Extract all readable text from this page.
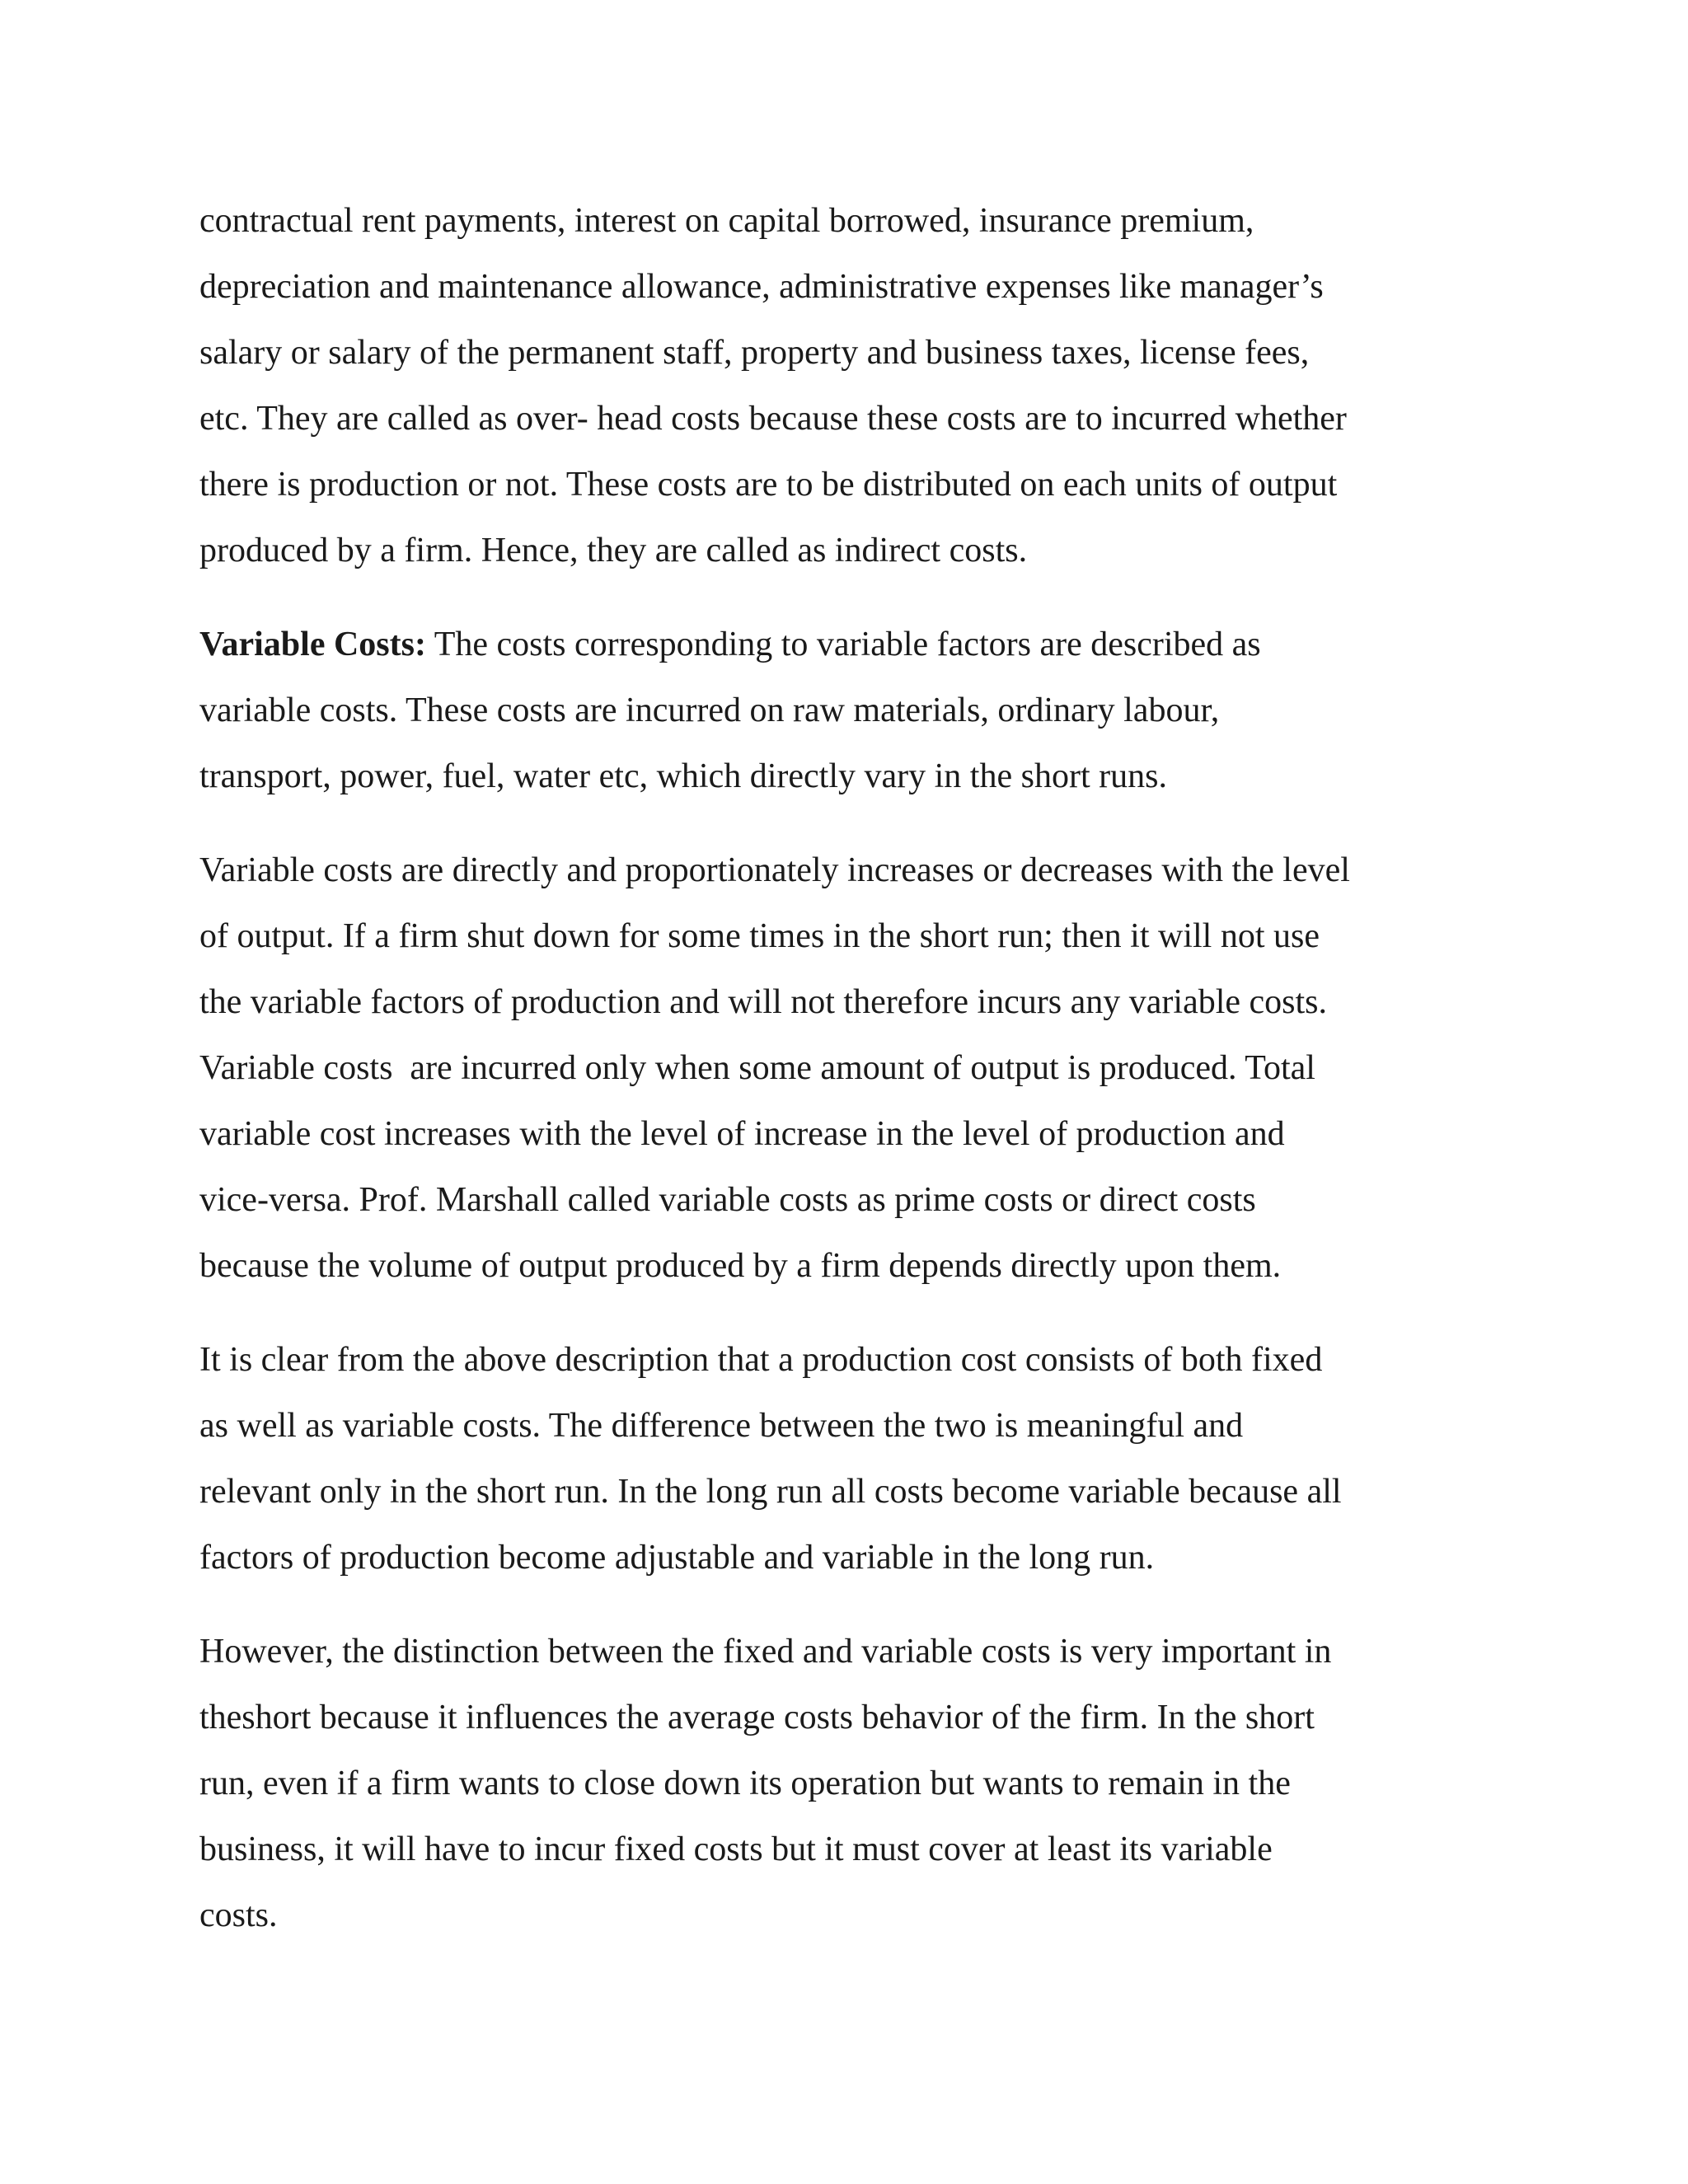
contractual rent payments, interest on capital borrowed, insurance premium,
depreciation and maintenance allowance, administrative expenses like manager’s
salary or salary of the permanent staff, property and business taxes, license fees,
etc. They are called as over- head costs because these costs are to incurred whether
there is production or not. These costs are to be distributed on each units of output
produced by a firm. Hence, they are called as indirect costs.

Variable Costs: The costs corresponding to variable factors are described as
variable costs. These costs are incurred on raw materials, ordinary labour,
transport, power, fuel, water etc, which directly vary in the short runs.

Variable costs are directly and proportionately increases or decreases with the level
of output. If a firm shut down for some times in the short run; then it will not use
the variable factors of production and will not therefore incurs any variable costs.
Variable costs  are incurred only when some amount of output is produced. Total
variable cost increases with the level of increase in the level of production and
vice-versa. Prof. Marshall called variable costs as prime costs or direct costs
because the volume of output produced by a firm depends directly upon them.

It is clear from the above description that a production cost consists of both fixed
as well as variable costs. The difference between the two is meaningful and
relevant only in the short run. In the long run all costs become variable because all
factors of production become adjustable and variable in the long run.

However, the distinction between the fixed and variable costs is very important in
theshort because it influences the average costs behavior of the firm. In the short
run, even if a firm wants to close down its operation but wants to remain in the
business, it will have to incur fixed costs but it must cover at least its variable
costs.
